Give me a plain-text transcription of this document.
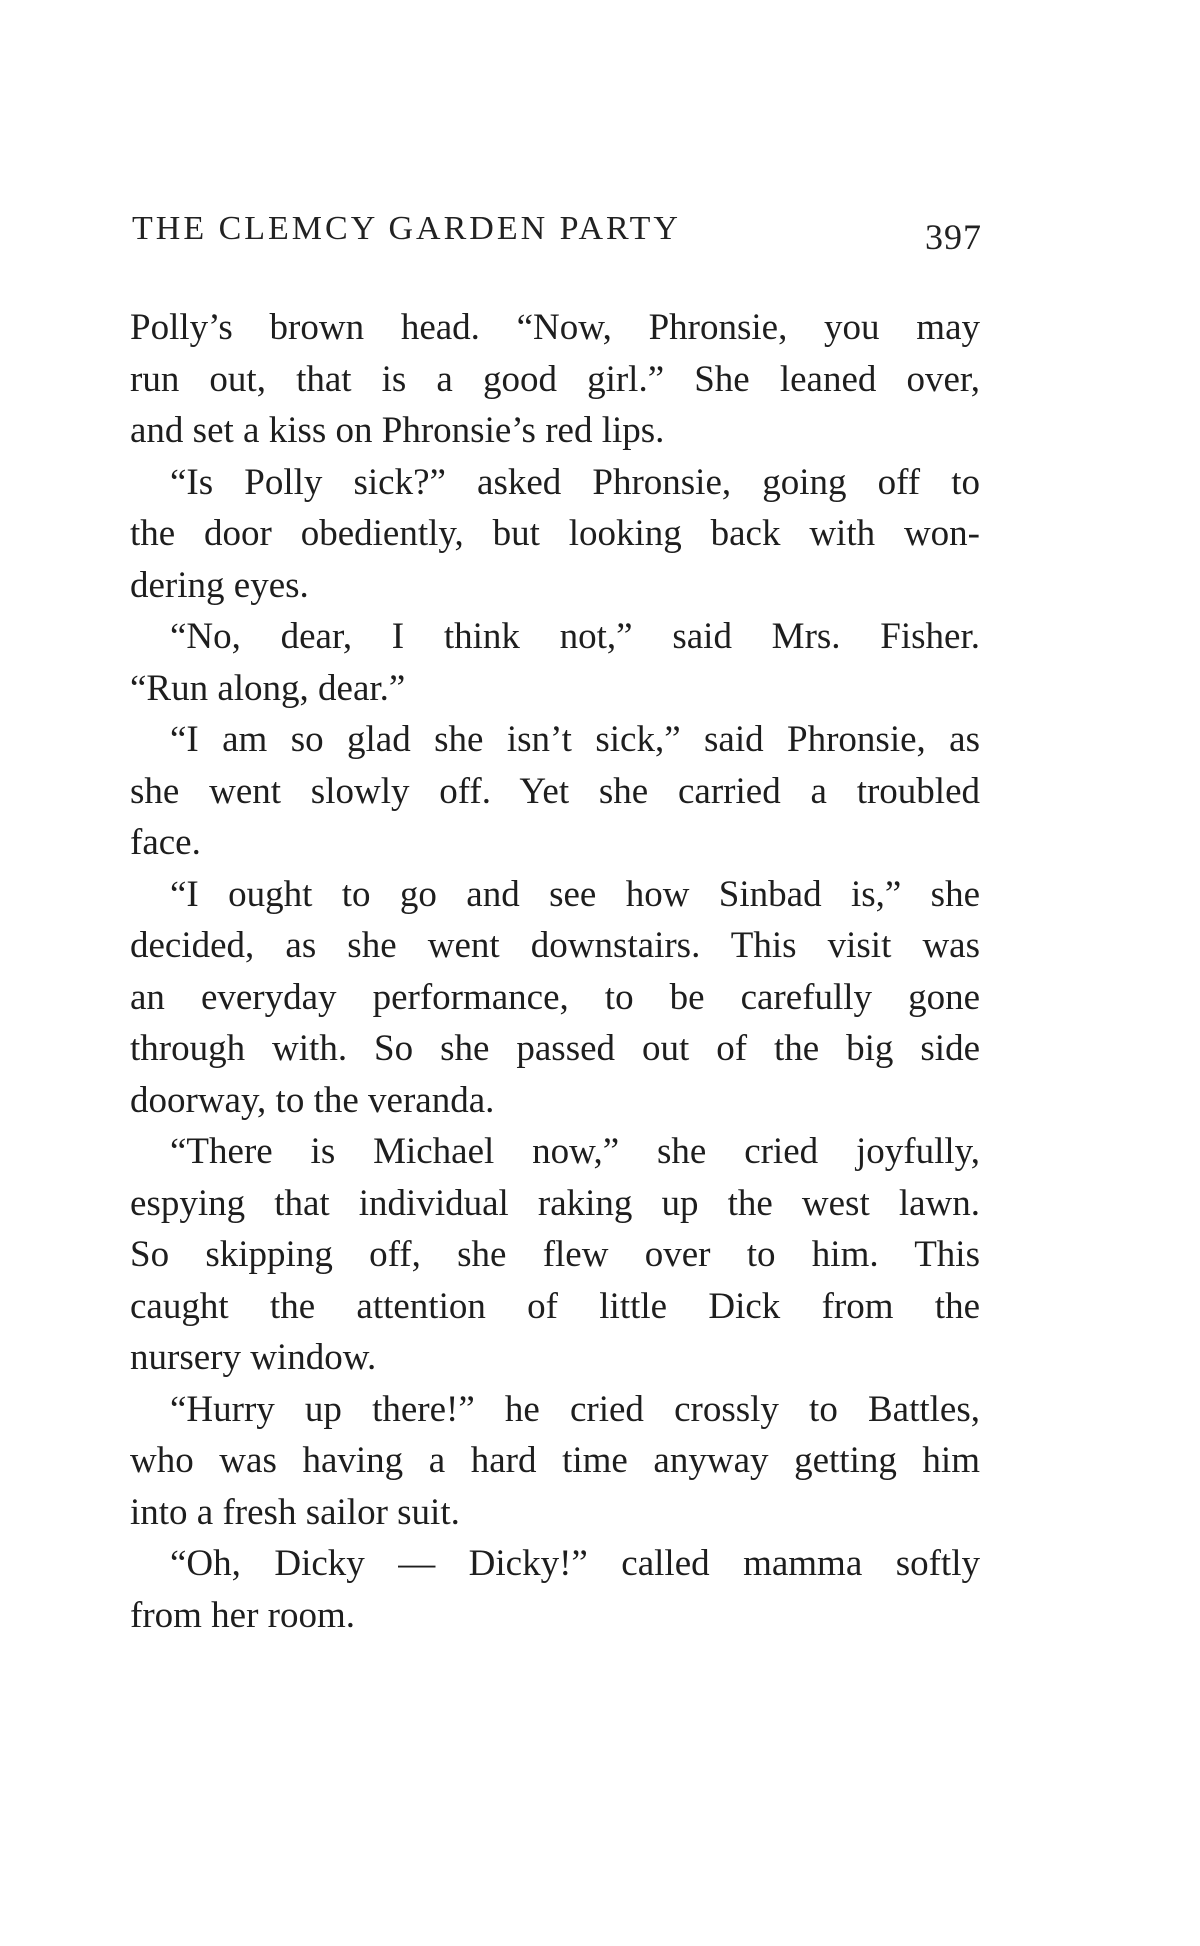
THE CLEMCY GARDEN PARTY	397
Polly’s brown head. “Now, Phronsie, you may
run out, that is a good girl.” She leaned over,
and set a kiss on Phronsie’s red lips.
“Is Polly sick?” asked Phronsie, going off to
the door obediently, but looking back with won-
dering eyes.
“No, dear, I think not,” said Mrs. Fisher.
“Run along, dear.”
“I am so glad she isn’t sick,” said Phronsie, as
she went slowly off. Yet she carried a troubled
face.
“I ought to go and see how Sinbad is,” she
decided, as she went downstairs. This visit was
an everyday performance, to be carefully gone
through with. So she passed out of the big side
doorway, to the veranda.
“There is Michael now,” she cried joyfully,
espying that individual raking up the west lawn.
So skipping off, she flew over to him. This
caught the attention of little Dick from the
nursery window.
“Hurry up there!” he cried crossly to Battles,
who was having a hard time anyway getting him
into a fresh sailor suit.
“Oh, Dicky — Dicky!” called mamma softly
from her room.
